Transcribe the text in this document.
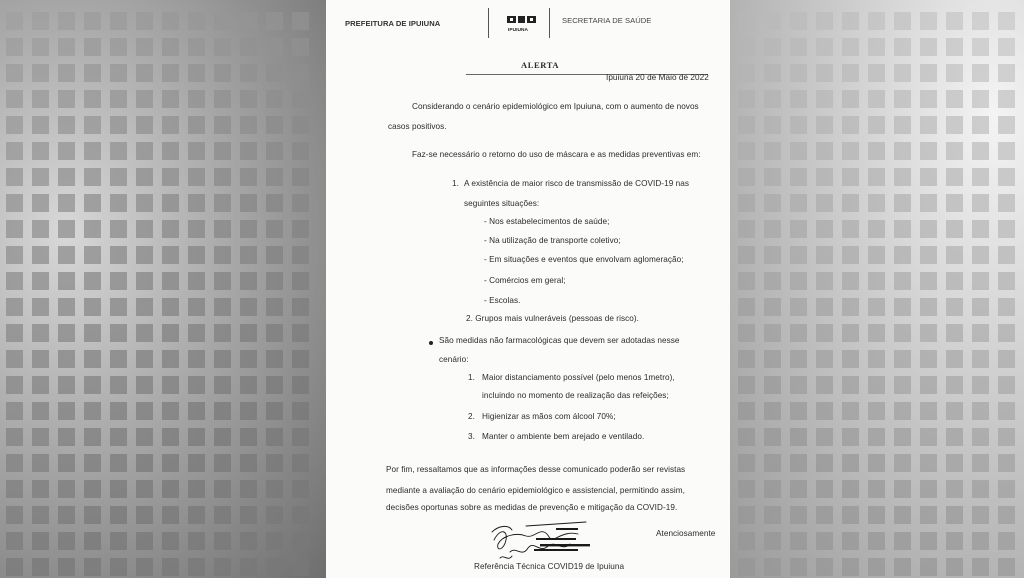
PREFEITURA DE IPUIUNA
IPUIUNA
SECRETARIA DE SAÚDE
ALERTA
Ipuiuna 20 de Maio de 2022
Considerando o cenário epidemiológico em Ipuiuna, com o aumento de novos
casos positivos.
Faz-se necessário o retorno do uso de máscara e as medidas preventivas em:
1. A existência de maior risco de transmissão de COVID-19 nas
seguintes situações:
- Nos estabelecimentos de saúde;
- Na utilização de transporte coletivo;
- Em situações e eventos que envolvam aglomeração;
- Comércios em geral;
- Escolas.
2. Grupos mais vulneráveis (pessoas de risco).
São medidas não farmacológicas que devem ser adotadas nesse
cenário:
1. Maior distanciamento possível (pelo menos 1metro),
incluindo no momento de realização das refeições;
2. Higienizar as mãos com álcool 70%;
3. Manter o ambiente bem arejado e ventilado.
Por fim, ressaltamos que as informações desse comunicado poderão ser revistas
mediante a avaliação do cenário epidemiológico e assistencial, permitindo assim,
decisões oportunas sobre as medidas de prevenção e mitigação da COVID-19.
Atenciosamente
Referência Técnica COVID19 de Ipuiuna
